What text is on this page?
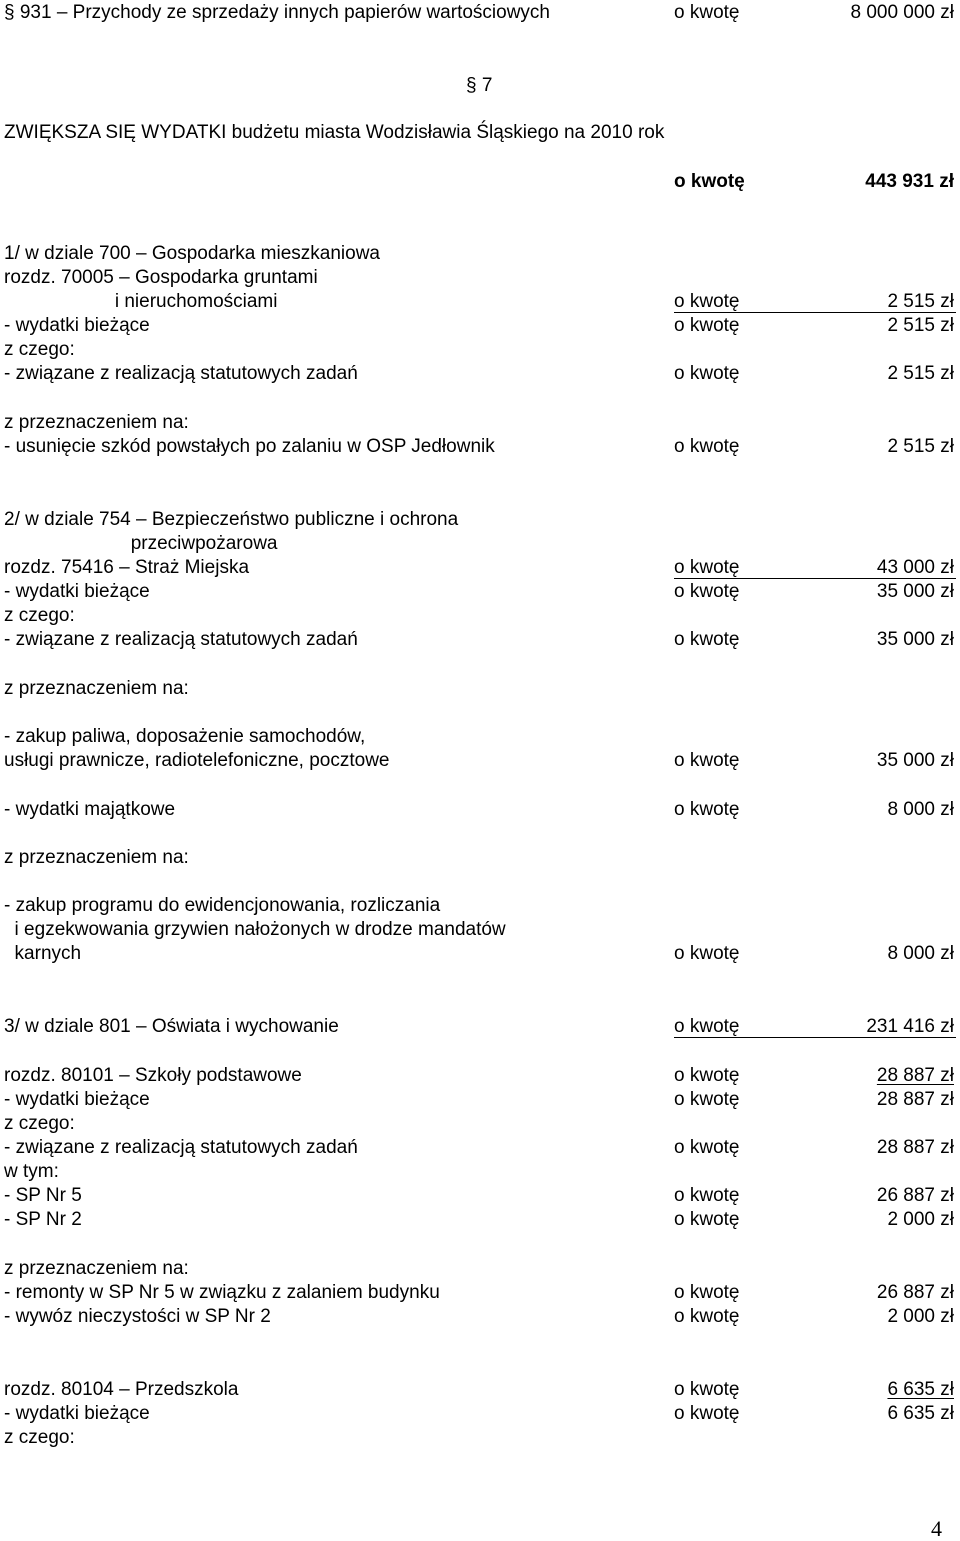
§ 931 – Przychody ze sprzedaży innych papierów wartościowych	o kwotę	8 000 000 zł
§ 7
ZWIĘKSZA SIĘ WYDATKI budżetu miasta Wodzisławia Śląskiego na 2010 rok
o kwotę	443 931 zł
1/ w dziale 700 – Gospodarka mieszkaniowa
rozdz. 70005 – Gospodarka gruntami
i nieruchomościami	o kwotę	2 515 zł
- wydatki bieżące	o kwotę	2 515 zł
z czego:
- związane z realizacją statutowych zadań	o kwotę	2 515 zł
z przeznaczeniem na:
- usunięcie szkód powstałych po zalaniu w OSP Jedłownik	o kwotę	2 515 zł
2/ w dziale 754 – Bezpieczeństwo publiczne i ochrona
przeciwpożarowa
rozdz. 75416 – Straż Miejska	o kwotę	43 000 zł
- wydatki bieżące	o kwotę	35 000 zł
z czego:
- związane z realizacją statutowych zadań	o kwotę	35 000 zł
z przeznaczeniem na:
- zakup paliwa, doposażenie samochodów,
usługi prawnicze, radiotelefoniczne, pocztowe	o kwotę	35 000 zł
- wydatki majątkowe	o kwotę	8 000 zł
z przeznaczeniem na:
- zakup programu do ewidencjonowania, rozliczania
i egzekwowania grzywien nałożonych w drodze mandatów
karnych	o kwotę	8 000 zł
3/ w dziale 801 – Oświata i wychowanie	o kwotę	231 416 zł
rozdz. 80101 – Szkoły podstawowe	o kwotę	28 887 zł
- wydatki bieżące	o kwotę	28 887 zł
z czego:
- związane z realizacją statutowych zadań	o kwotę	28 887 zł
w tym:
- SP Nr 5	o kwotę	26 887 zł
- SP Nr 2	o kwotę	2 000 zł
z przeznaczeniem na:
- remonty w SP Nr 5 w związku z zalaniem budynku	o kwotę	26 887 zł
- wywóz nieczystości w SP Nr 2	o kwotę	2 000 zł
rozdz. 80104 – Przedszkola	o kwotę	6 635 zł
- wydatki bieżące	o kwotę	6 635 zł
z czego:
4
